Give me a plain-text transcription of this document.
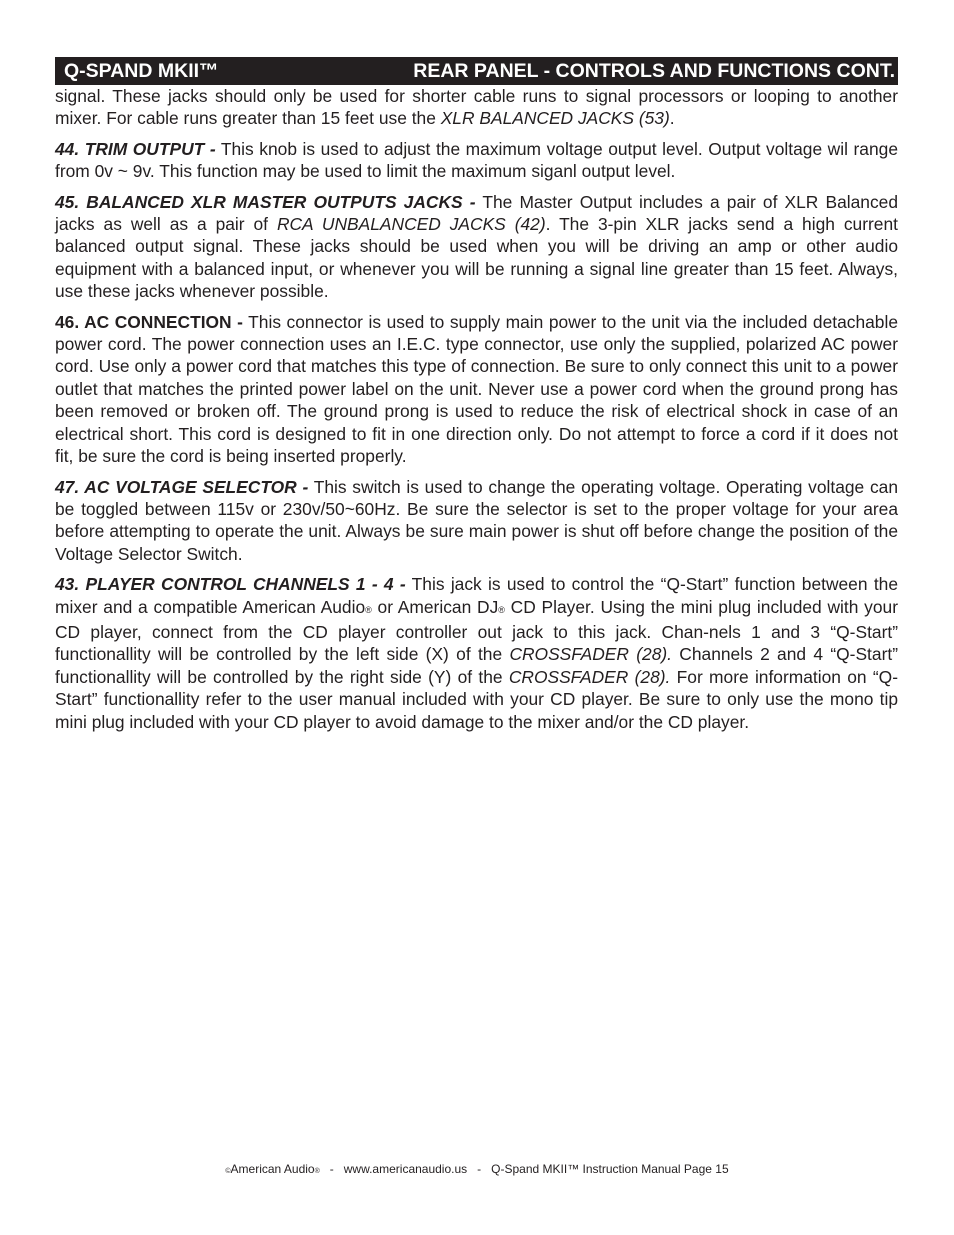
Q-SPAND MKII™	REAR PANEL - CONTROLS AND FUNCTIONS CONT.

signal. These jacks should only be used for shorter cable runs to signal processors or looping to another mixer. For cable runs greater than 15 feet use the XLR BALANCED JACKS (53).

44. TRIM OUTPUT - This knob is used to adjust the maximum voltage output level. Output voltage wil range from 0v ~ 9v. This function may be used to limit the maximum siganl output level.

45. BALANCED XLR MASTER OUTPUTS JACKS - The Master Output includes a pair of XLR Balanced jacks as well as a pair of RCA UNBALANCED JACKS (42). The 3-pin XLR jacks send a high current balanced output signal. These jacks should be used when you will be driving an amp or other audio equipment with a balanced input, or whenever you will be running a signal line greater than 15 feet. Always, use these jacks whenever possible.

46. AC CONNECTION - This connector is used to supply main power to the unit via the included detachable power cord. The power connection uses an I.E.C. type connector, use only the supplied, polarized AC power cord. Use only a power cord that matches this type of connection. Be sure to only connect this unit to a power outlet that matches the printed power label on the unit. Never use a power cord when the ground prong has been removed or broken off. The ground prong is used to reduce the risk of electrical shock in case of an electrical short. This cord is designed to fit in one direction only. Do not attempt to force a cord if it does not fit, be sure the cord is being inserted properly.

47. AC VOLTAGE SELECTOR - This switch is used to change the operating voltage. Operating voltage can be toggled between 115v or 230v/50~60Hz. Be sure the selector is set to the proper voltage for your area before attempting to operate the unit. Always be sure main power is shut off before change the position of the Voltage Selector Switch.

43. PLAYER CONTROL CHANNELS 1 - 4 - This jack is used to control the “Q-Start” function between the mixer and a compatible American Audio® or American DJ® CD Player. Using the mini plug included with your CD player, connect from the CD player controller out jack to this jack. Chan-nels 1 and 3 “Q-Start” functionallity will be controlled by the left side (X) of the CROSSFADER (28). Channels 2 and 4 “Q-Start” functionallity will be controlled by the right side (Y) of the CROSSFADER (28). For more information on “Q-Start” functionallity refer to the user manual included with your CD player. Be sure to only use the mono tip mini plug included with your CD player to avoid damage to the mixer and/or the CD player.

©American Audio®   -   www.americanaudio.us   -   Q-Spand MKII™ Instruction Manual Page 15
